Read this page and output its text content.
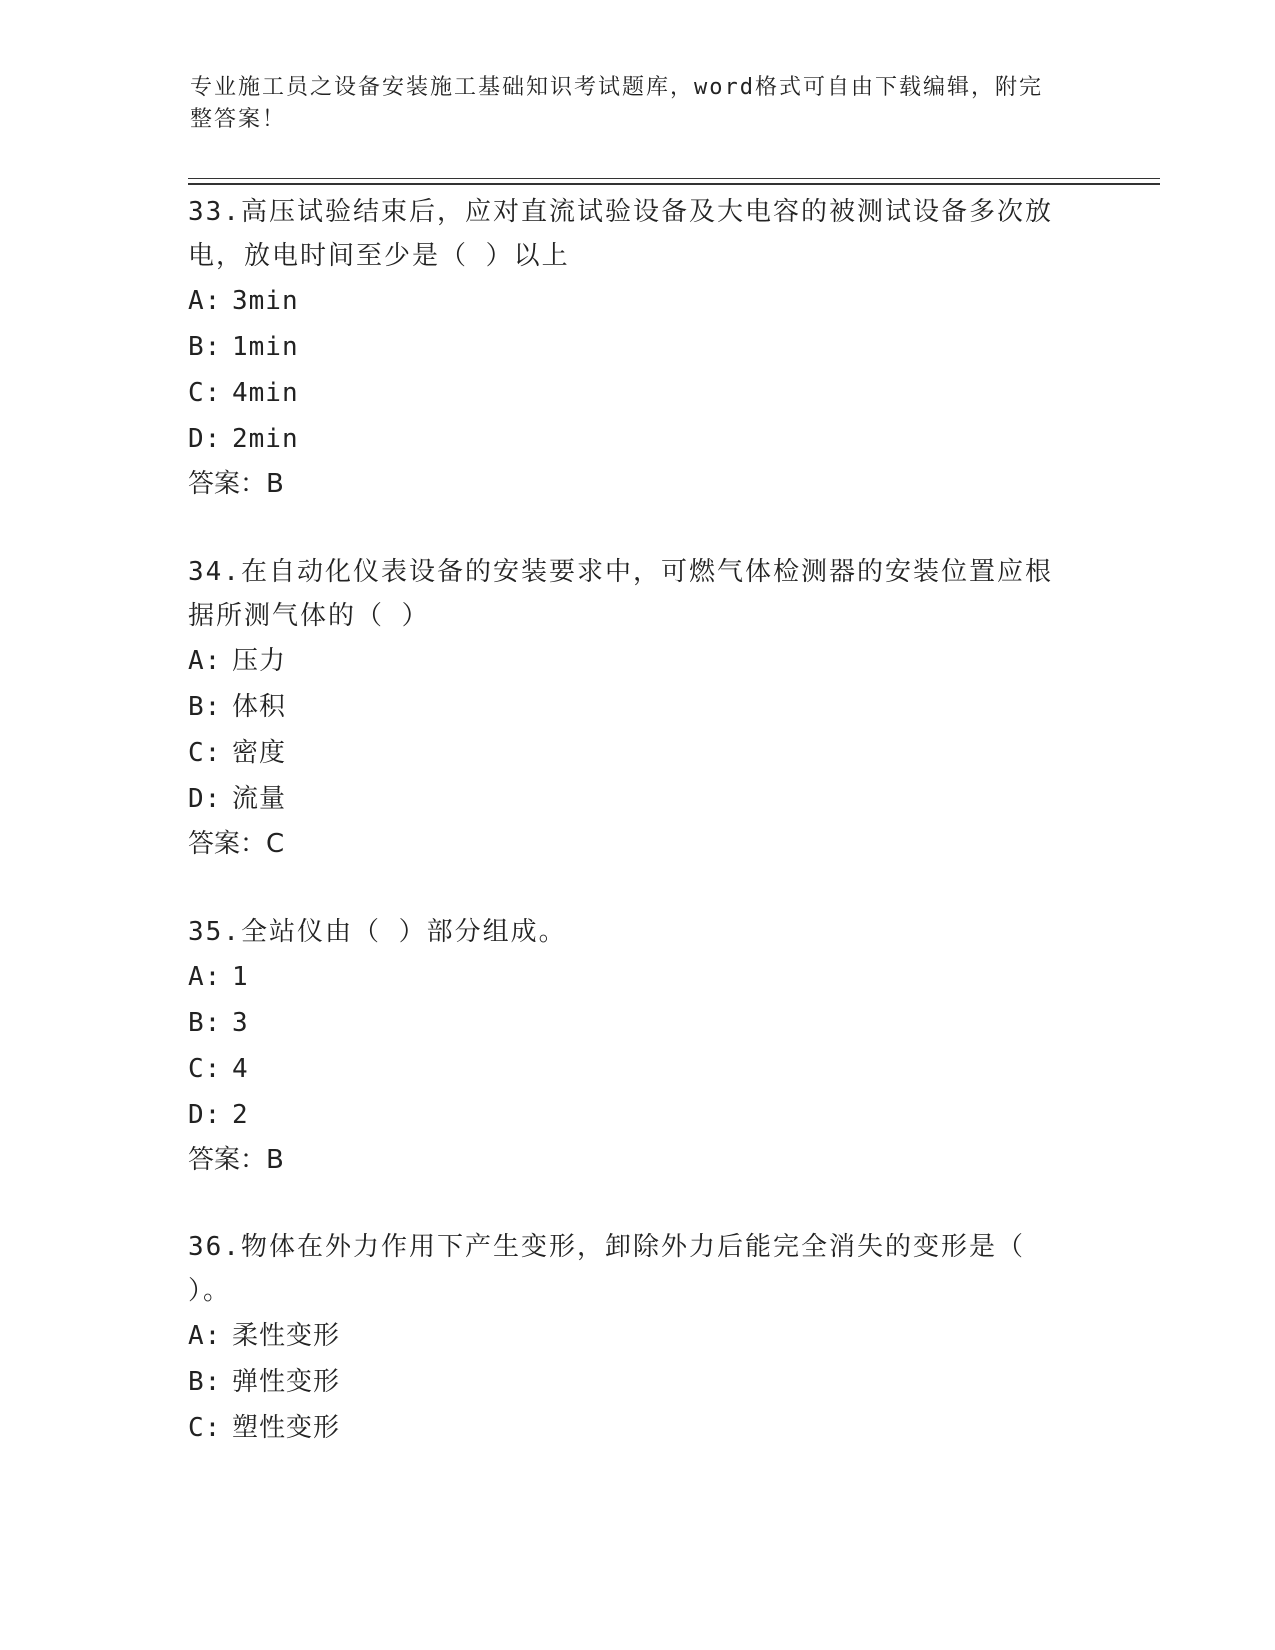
专业施工员之设备安装施工基础知识考试题库，word格式可自由下载编辑，附完
整答案！

33.高压试验结束后，应对直流试验设备及大电容的被测试设备多次放

电，放电时间至少是（ ）以上

A: 3min

B: 1min

C: 4min

D: 2min

答案：B

34.在自动化仪表设备的安装要求中，可燃气体检测器的安装位置应根

据所测气体的（ ）

A: 压力

B: 体积

C: 密度

D: 流量

答案：C

35.全站仪由（ ）部分组成。

A: 1

B: 3

C: 4

D: 2

答案：B

36.物体在外力作用下产生变形，卸除外力后能完全消失的变形是（

）。

A: 柔性变形

B: 弹性变形

C: 塑性变形
